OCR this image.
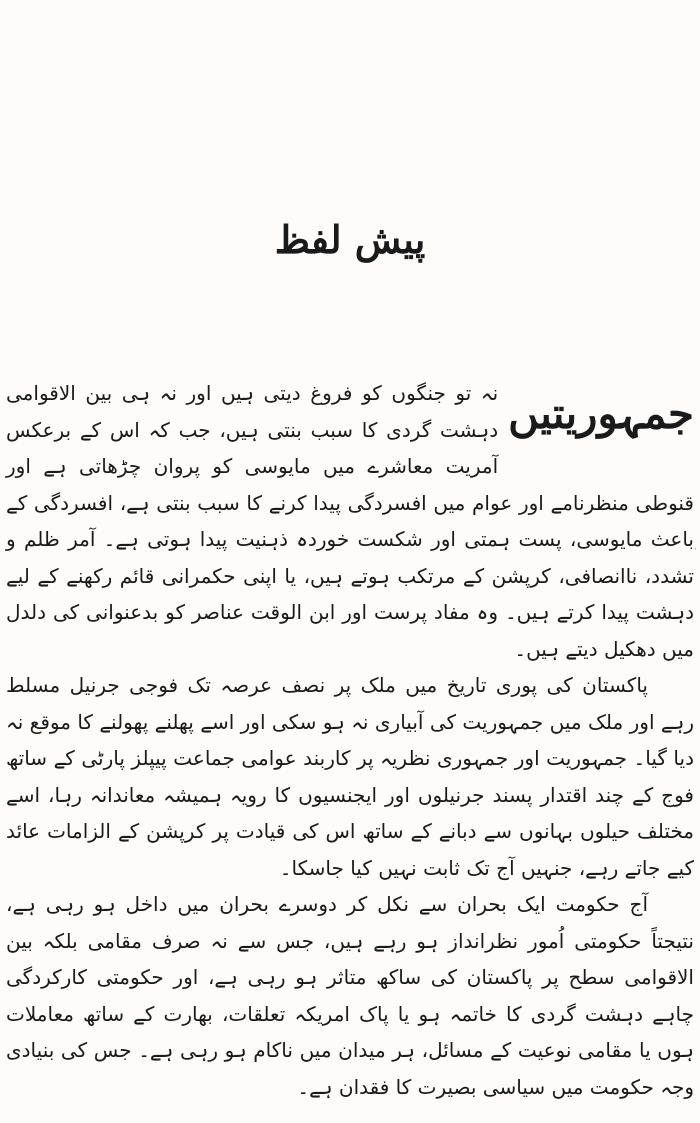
پیش لفظ

جمہوریتیں
نہ تو جنگوں کو فروغ دیتی ہیں اور نہ ہی بین الاقوامی دہشت گردی کا سبب بنتی ہیں، جب کہ اس کے برعکس آمریت معاشرے میں مایوسی کو پروان چڑھاتی ہے اور قنوطی منظرنامے اور عوام میں افسردگی پیدا کرنے کا سبب بنتی ہے، افسردگی کے باعث مایوسی، پست ہمتی اور شکست خوردہ ذہنیت پیدا ہوتی ہے۔ آمر ظلم و تشدد، ناانصافی، کرپشن کے مرتکب ہوتے ہیں، یا اپنی حکمرانی قائم رکھنے کے لیے دہشت پیدا کرتے ہیں۔ وہ مفاد پرست اور ابن الوقت عناصر کو بدعنوانی کی دلدل میں دھکیل دیتے ہیں۔

پاکستان کی پوری تاریخ میں ملک پر نصف عرصہ تک فوجی جرنیل مسلط رہے اور ملک میں جمہوریت کی آبیاری نہ ہو سکی اور اسے پھلنے پھولنے کا موقع نہ دیا گیا۔ جمہوریت اور جمہوری نظریہ پر کاربند عوامی جماعت پیپلز پارٹی کے ساتھ فوج کے چند اقتدار پسند جرنیلوں اور ایجنسیوں کا رویہ ہمیشہ معاندانہ رہا، اسے مختلف حیلوں بہانوں سے دبانے کے ساتھ اس کی قیادت پر کرپشن کے الزامات عائد کیے جاتے رہے، جنہیں آج تک ثابت نہیں کیا جاسکا۔

آج حکومت ایک بحران سے نکل کر دوسرے بحران میں داخل ہو رہی ہے، نتیجتاً حکومتی اُمور نظرانداز ہو رہے ہیں، جس سے نہ صرف مقامی بلکہ بین الاقوامی سطح پر پاکستان کی ساکھ متاثر ہو رہی ہے، اور حکومتی کارکردگی چاہے دہشت گردی کا خاتمہ ہو یا پاک امریکہ تعلقات، بھارت کے ساتھ معاملات ہوں یا مقامی نوعیت کے مسائل، ہر میدان میں ناکام ہو رہی ہے۔ جس کی بنیادی وجہ حکومت میں سیاسی بصیرت کا فقدان ہے۔

·
